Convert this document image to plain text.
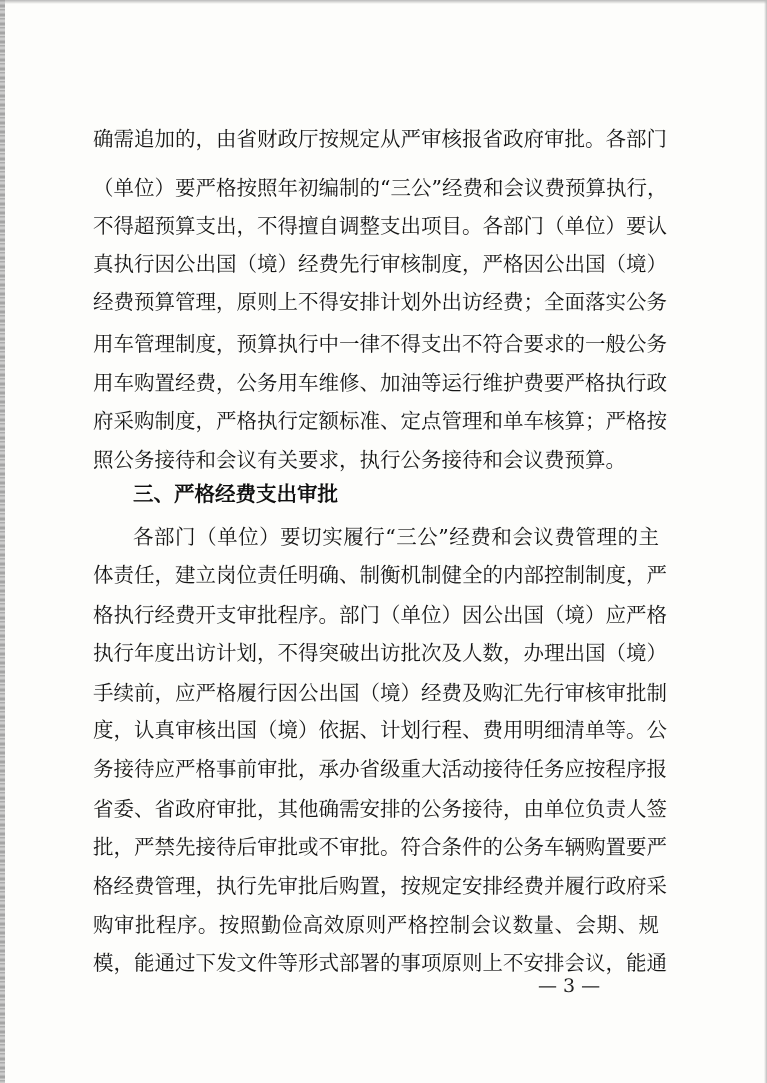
确需追加的，由省财政厅按规定从严审核报省政府审批。各部门
（单位）要严格按照年初编制的“三公”经费和会议费预算执行，
不得超预算支出，不得擅自调整支出项目。各部门（单位）要认
真执行因公出国（境）经费先行审核制度，严格因公出国（境）
经费预算管理，原则上不得安排计划外出访经费；全面落实公务
用车管理制度，预算执行中一律不得支出不符合要求的一般公务
用车购置经费，公务用车维修、加油等运行维护费要严格执行政
府采购制度，严格执行定额标准、定点管理和单车核算；严格按
照公务接待和会议有关要求，执行公务接待和会议费预算。
三、严格经费支出审批
各部门（单位）要切实履行“三公”经费和会议费管理的主
体责任，建立岗位责任明确、制衡机制健全的内部控制制度，严
格执行经费开支审批程序。部门（单位）因公出国（境）应严格
执行年度出访计划，不得突破出访批次及人数，办理出国（境）
手续前，应严格履行因公出国（境）经费及购汇先行审核审批制
度，认真审核出国（境）依据、计划行程、费用明细清单等。公
务接待应严格事前审批，承办省级重大活动接待任务应按程序报
省委、省政府审批，其他确需安排的公务接待，由单位负责人签
批，严禁先接待后审批或不审批。符合条件的公务车辆购置要严
格经费管理，执行先审批后购置，按规定安排经费并履行政府采
购审批程序。按照勤俭高效原则严格控制会议数量、会期、规
模，能通过下发文件等形式部署的事项原则上不安排会议，能通
— 3 —
